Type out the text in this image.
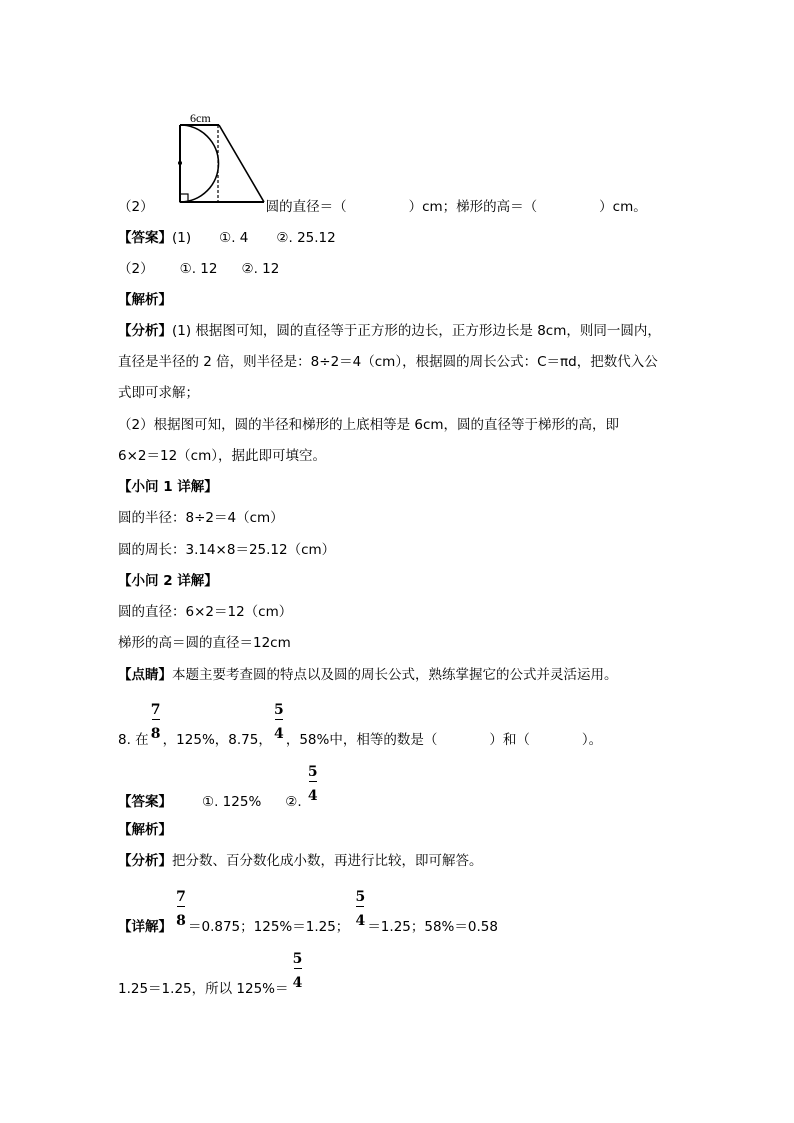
6cm
（2）	圆的直径＝（	）cm；梯形的高＝（	）cm。
【答案】(1) ①. 4 ②. 25.12
（2） ①. 12 ②. 12
【解析】
【分析】(1) 根据图可知，圆的直径等于正方形的边长，正方形边长是 8cm，则同一圆内，
直径是半径的 2 倍，则半径是：8÷2＝4（cm），根据圆的周长公式：C＝πd，把数代入公
式即可求解；
（2）根据图可知，圆的半径和梯形的上底相等是 6cm，圆的直径等于梯形的高，即
6×2＝12（cm），据此即可填空。
【小问 1 详解】
圆的半径：8÷2＝4（cm）
圆的周长：3.14×8＝25.12（cm）
【小问 2 详解】
圆的直径：6×2＝12（cm）
梯形的高＝圆的直径＝12cm
【点睛】本题主要考查圆的特点以及圆的周长公式，熟练掌握它的公式并灵活运用。
8. 在 $\frac{7}{8}$ ，125%，8.75， $\frac{5}{4}$ ，58%中，相等的数是（	）和（	）。
【答案】 ①. 125% ②. $\frac{5}{4}$
【解析】
【分析】把分数、百分数化成小数，再进行比较，即可解答。
【详解】 $\frac{7}{8} =0.875$；125%＝1.25； $\frac{5}{4} =1.25$；58%＝0.58
1.25＝1.25，所以 $125\%= \frac{5}{4}$
